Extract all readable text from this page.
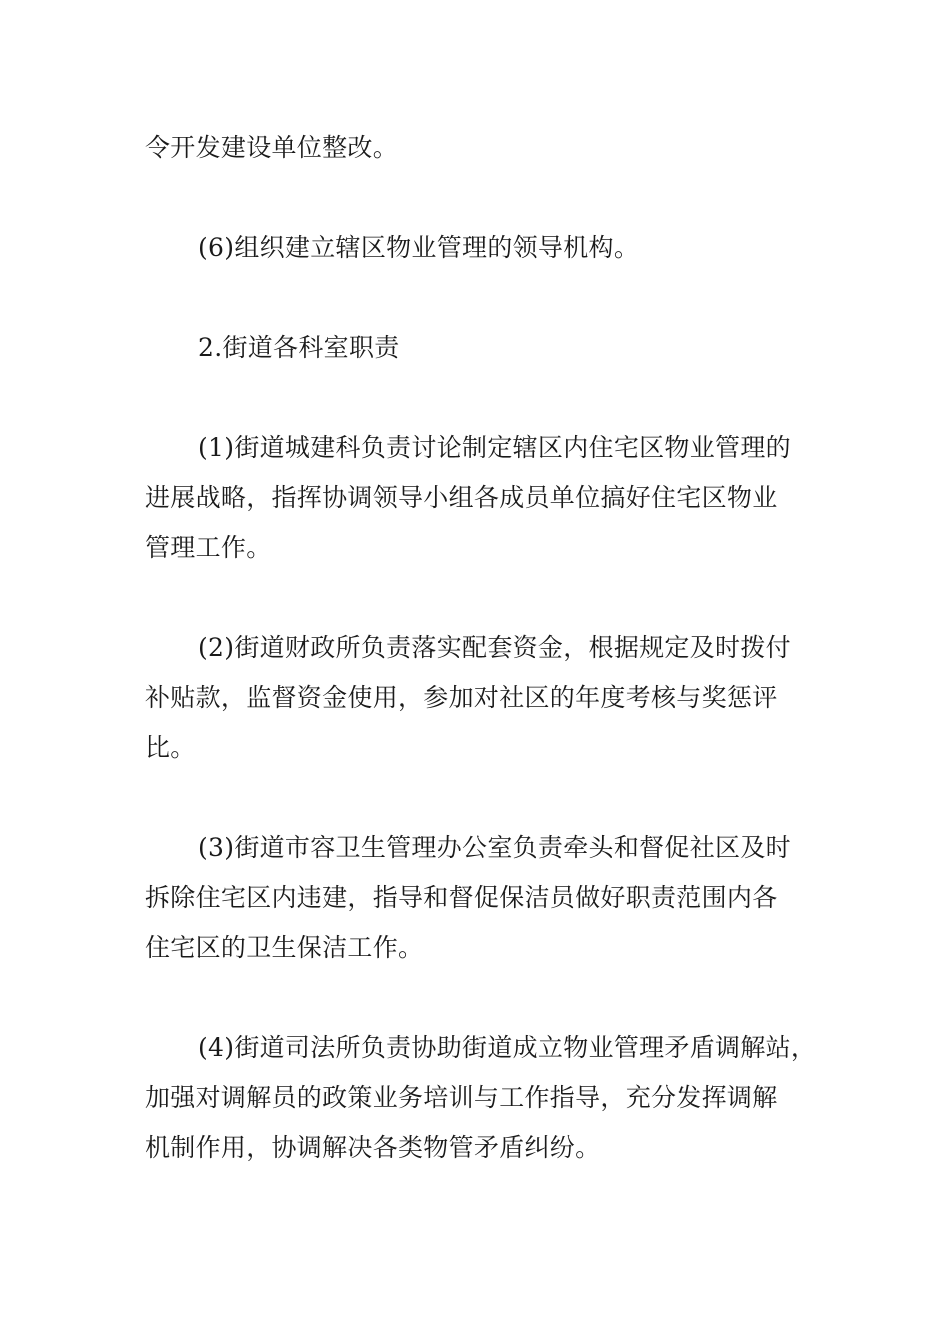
令开发建设单位整改。
(6)组织建立辖区物业管理的领导机构。
2.街道各科室职责
(1)街道城建科负责讨论制定辖区内住宅区物业管理的
进展战略，指挥协调领导小组各成员单位搞好住宅区物业
管理工作。
(2)街道财政所负责落实配套资金，根据规定及时拨付
补贴款，监督资金使用，参加对社区的年度考核与奖惩评
比。
(3)街道市容卫生管理办公室负责牵头和督促社区及时
拆除住宅区内违建，指导和督促保洁员做好职责范围内各
住宅区的卫生保洁工作。
(4)街道司法所负责协助街道成立物业管理矛盾调解站，
加强对调解员的政策业务培训与工作指导，充分发挥调解
机制作用，协调解决各类物管矛盾纠纷。
